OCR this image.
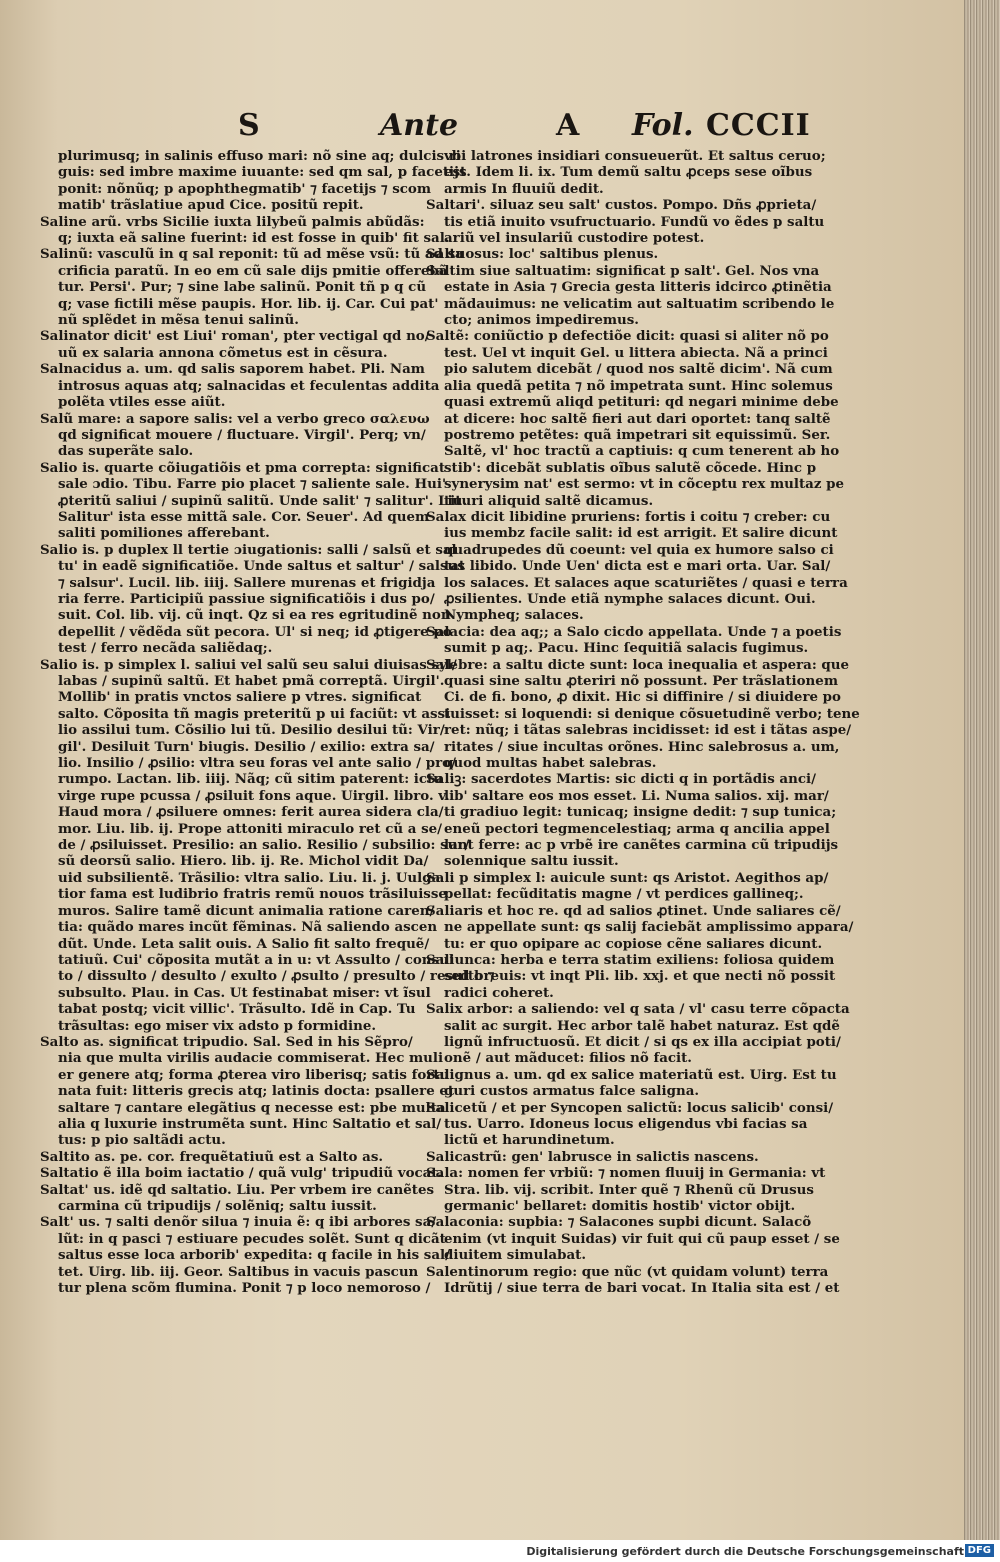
S	Ante	A Fol. CCCII
plurimusq; in salinis effuso mari: nõ sine aq; dulcis ri
guis: sed imbre maxime iuuante: sed qm sal, p facetijs
ponit: nõnũq; p apophthegmatib' ⁊ facetijs ⁊ scom
matib' trãslatiue apud Cice. positũ repit.
Saline arũ. vrbs Sicilie iuxta lilybeũ palmis abũdãs:
q; iuxta eã saline fuerint: id est fosse in quib' fit sal.
Salinũ: vasculũ in q sal reponit: tũ ad mẽse vsũ: tũ ad sa
crificia paratũ. In eo em cũ sale dijs pmitie offerebã
tur. Persi'. Pur; ⁊ sine labe salinũ. Ponit tñ p q cũ
q; vase fictili mẽse paupis. Hor. lib. ij. Car. Cui pat'
nũ splẽdet in mẽsa tenui salinũ.
Salinator dicit' est Liui' roman', pter vectigal qd no/
uũ ex salaria annona cõmetus est in cẽsura.
Salnacidus a. um. qd salis saporem habet. Pli. Nam
introsus aquas atq; salnacidas et feculentas addita
polẽta vtiles esse aiũt.
Salũ mare: a sapore salis: vel a verbo greco σαλευω
qd significat mouere / fluctuare. Virgil'. Perq; vn/
das superãte salo.
Salio is. quarte cõiugatiõis et pma correpta: significat
sale ɔdio. Tibu. Farre pio placet ⁊ saliente sale. Hui'
ꝓteritũ saliui / supinũ salitũ. Unde salit' ⁊ salitur'. Liu.
Salitur' ista esse mittã sale. Cor. Seuer'. Ad quem
saliti pomiliones afferebant.
Salio is. p duplex ll tertie ɔiugationis: salli / salsũ et sal
tu' in eadẽ significatiõe. Unde saltus et saltur' / salsus
⁊ salsur'. Lucil. lib. iiij. Sallere murenas et frigidja
ria ferre. Participiũ passiue significatiõis i dus po/
suit. Col. lib. vij. cũ inqt. Qz si ea res egritudinẽ non
depellit / vẽdẽda sũt pecora. Ul' si neq; id ꝓtigere po
test / ferro necãda saliẽdaq;.
Salio is. p simplex l. saliui vel salũ seu salui diuisas syl/
labas / supinũ saltũ. Et habet pmã correptã. Uirgil'.
Mollib' in pratis vnctos saliere p vtres. significat
salto. Cõposita tñ magis preteritũ p ui faciũt: vt assi
lio assilui tum. Cõsilio lui tũ. Desilio desilui tũ: Vir/
gil'. Desiluit Turn' biugis. Desilio / exilio: extra sa/
lio. Insilio / ꝓsilio: vltra seu foras vel ante salio / pro/
rumpo. Lactan. lib. iiij. Nãq; cũ sitim paterent: ictu
virge rupe pcussa / ꝓsiluit fons aque. Uirgil. libro. v.
Haud mora / ꝓsiluere omnes: ferit aurea sidera cla/
mor. Liu. lib. ij. Prope attoniti miraculo ret cũ a se/
de / ꝓsiluisset. Presilio: an salio. Resilio / subsilio: sur/
sũ deorsũ salio. Hiero. lib. ij. Re. Michol vidit Da/
uid subsilientẽ. Trãsilio: vltra salio. Liu. li. j. Uulga
tior fama est ludibrio fratris remũ nouos trãsiluisse
muros. Salire tamẽ dicunt animalia ratione caren/
tia: quãdo mares incũt fẽminas. Nã saliendo ascen
dũt. Unde. Leta salit ouis. A Salio fit salto frequẽ/
tatiuũ. Cui' cõposita mutãt a in u: vt Assulto / consul
to / dissulto / desulto / exulto / ꝓsulto / presulto / resulto ⁊
subsulto. Plau. in Cas. Ut festinabat miser: vt ĩsul
tabat postq; vicit villic'. Trãsulto. Idẽ in Cap. Tu
trãsultas: ego miser vix adsto p formidine.
Salto as. significat tripudio. Sal. Sed in his Sẽpro/
nia que multa virilis audacie commiserat. Hec muli
er genere atq; forma ꝓterea viro liberisq; satis fortu
nata fuit: litteris grecis atq; latinis docta: psallere et
saltare ⁊ cantare elegãtius q necesse est: pbe multa
alia q luxurie instrumẽta sunt. Hinc Saltatio et sal/
tus: p pio saltãdi actu.
Saltito as. pe. cor. frequẽtatiuũ est a Salto as.
Saltatio ẽ illa boim iactatio / quã vulg' tripudiũ vocat.
Saltat' us. idẽ qd saltatio. Liu. Per vrbem ire canẽtes
carmina cũ tripudijs / solẽniq; saltu iussit.
Salt' us. ⁊ salti denõr silua ⁊ inuia ẽ: q ibi arbores sa/
lũt: in q pasci ⁊ estiuare pecudes solẽt. Sunt q dicãt
saltus esse loca arborib' expedita: q facile in his sal/
tet. Uirg. lib. iij. Geor. Saltibus in vacuis pascun
tur plena scõm flumina. Ponit ⁊ p loco nemoroso /
vbi latrones insidiari consueuerũt. Et saltus ceruo;
est. Idem li. ix. Tum demũ saltu ꝓceps sese oĩbus
armis In fluuiũ dedit.
Saltari'. siluaz seu salt' custos. Pompo. Dñs ꝓprieta/
tis etiã inuito vsufructuario. Fundũ vo ẽdes p saltu
ariũ vel insulariũ custodire potest.
Saltuosus: loc' saltibus plenus.
Saltim siue saltuatim: significat p salt'. Gel. Nos vna
estate in Asia ⁊ Grecia gesta litteris idcirco ꝓtinẽtia
mãdauimus: ne velicatim aut saltuatim scribendo le
cto; animos impediremus.
Saltẽ: coniũctio p defectiõe dicit: quasi si aliter nõ po
test. Uel vt inquit Gel. u littera abiecta. Nã a princi
pio salutem dicebãt / quod nos saltẽ dicim'. Nã cum
alia quedã petita ⁊ nõ impetrata sunt. Hinc solemus
quasi extremũ aliqd petituri: qd negari minime debe
at dicere: hoc saltẽ fieri aut dari oportet: tanq saltẽ
postremo petẽtes: quã impetrari sit equissimũ. Ser.
Saltẽ, vl' hoc tractũ a captiuis: q cum tenerent ab ho
stib': dicebãt sublatis oĩbus salutẽ cõcede. Hinc p
synerysim nat' est sermo: vt in cõceptu rex multaz pe
tituri aliquid saltẽ dicamus.
Salax dicit libidine pruriens: fortis i coitu ⁊ creber: cu
ius membz facile salit: id est arrigit. Et salire dicunt
quadrupedes dũ coeunt: vel quia ex humore salso ci
tat libido. Unde Uen' dicta est e mari orta. Uar. Sal/
los salaces. Et salaces aque scaturiẽtes / quasi e terra
ꝓsilientes. Unde etiã nymphe salaces dicunt. Oui.
Nympheq; salaces.
Salacia: dea aq;; a Salo cicdo appellata. Unde ⁊ a poetis
sumit p aq;. Pacu. Hinc ſequitiã salacis fugimus.
Salebre: a saltu dicte sunt: loca inequalia et aspera: que
quasi sine saltu ꝓteriri nõ possunt. Per trãslationem
Ci. de fi. bono, ꝓ dixit. Hic si diffinire / si diuidere po
tuisset: si loquendi: si denique cõsuetudinẽ verbo; tene
ret: nũq; i tãtas salebras incidisset: id est i tãtas aspe/
ritates / siue incultas orõnes. Hinc salebrosus a. um,
quod multas habet salebras.
Saliꝫ: sacerdotes Martis: sic dicti q in portãdis anci/
lib' saltare eos mos esset. Li. Numa salios. xij. mar/
ti gradiuo legit: tunicaq; insigne dedit: ⁊ sup tunica;
eneũ pectori tegmencelestiaq; arma q ancilia appel
lant ferre: ac p vrbẽ ire canẽtes carmina cũ tripudijs
solennique saltu iussit.
Sali p simplex l: auicule sunt: qs Aristot. Aegithos ap/
pellat: fecũditatis magne / vt perdices gallineq;.
Saliaris et hoc re. qd ad salios ꝓtinet. Unde saliares cẽ/
ne appellate sunt: qs salij faciebãt amplissimo appara/
tu: er quo opipare ac copiose cẽne saliares dicunt.
Saliunca: herba e terra statim exiliens: foliosa quidem
sed breuis: vt inqt Pli. lib. xxj. et que necti nõ possit
radici coheret.
Salix arbor: a saliendo: vel q sata / vl' casu terre cõpacta
salit ac surgit. Hec arbor talẽ habet naturaz. Est qdẽ
lignũ infructuosũ. Et dicit / si qs ex illa accipiat poti/
onẽ / aut mãducet: filios nõ facit.
Salignus a. um. qd ex salice materiatũ est. Uirg. Est tu
guri custos armatus falce saligna.
Salicetũ / et per Syncopen salictũ: locus salicib' consi/
tus. Uarro. Idoneus locus eligendus vbi facias sa
lictũ et harundinetum.
Salicastrũ: gen' labrusce in salictis nascens.
Sala: nomen fer vrbiũ: ⁊ nomen fluuij in Germania: vt
Stra. lib. vij. scribit. Inter quẽ ⁊ Rhenũ cũ Drusus
germanic' bellaret: domitis hostib' victor obijt.
Salaconia: supbia: ⁊ Salacones supbi dicunt. Salacõ
enim (vt inquit Suidas) vir fuit qui cũ paup esset / se
diuitem simulabat.
Salentinorum regio: que nũc (vt quidam volunt) terra
Idrũtij / siue terra de bari vocat. In Italia sita est / et
Digitalisierung gefördert durch die Deutsche Forschungsgemeinschaft DFG
